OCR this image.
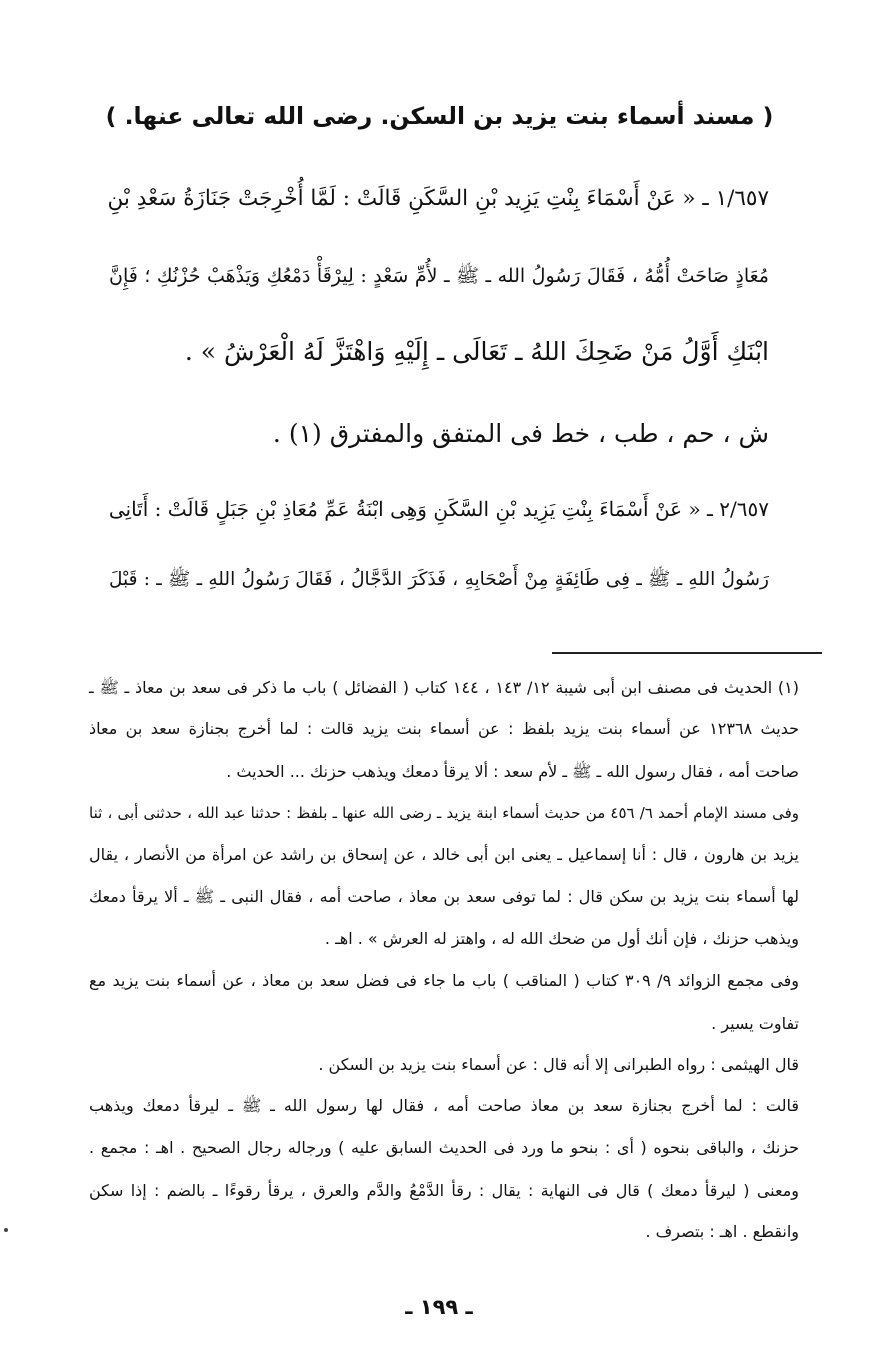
( مسند أسماء بنت يزيد بن السكن. رضى الله تعالى عنها. )
١/٦٥٧ ـ « عَنْ أَسْمَاءَ بِنْتِ يَزِيد بْنِ السَّكَنِ قَالَتْ : لَمَّا أُخْرِجَتْ جَنَازَةُ سَعْدِ بْنِ
مُعَاذٍ صَاحَتْ أُمُّهُ ، فَقَالَ رَسُولُ الله ـ ﷺ ـ لأُمِّ سَعْدٍ : لِيرْقَأْ دَمْعُكِ وَيَذْهَبْ حُزْنُكِ ؛ فَإِنَّ
ابْنَكِ أَوَّلُ مَنْ ضَحِكَ اللهُ ـ تَعَالَى ـ إِلَيْهِ وَاهْتَزَّ لَهُ الْعَرْشُ » .
ش ، حم ، طب ، خط فى المتفق والمفترق (١) .
٢/٦٥٧ ـ « عَنْ أَسْمَاءَ بِنْتِ يَزِيد بْنِ السَّكَنِ وَهِى ابْنَةُ عَمِّ مُعَاذِ بْنِ جَبَلٍ قَالَتْ : أَتَانِى
رَسُولُ اللهِ ـ ﷺ ـ فِى طَائِفَةٍ مِنْ أَصْحَابِهِ ، فَذَكَرَ الدَّجَّالُ ، فَقَالَ رَسُولُ اللهِ ـ ﷺ ـ : قَبْلَ
(١) الحديث فى مصنف ابن أبى شيبة ١٢/ ١٤٣ ، ١٤٤ كتاب ( الفضائل ) باب ما ذكر فى سعد بن معاذ ـ ﷺ ـ
حديث ١٢٣٦٨ عن أسماء بنت يزيد بلفظ : عن أسماء بنت يزيد قالت : لما أخرج بجنازة سعد بن معاذ
صاحت أمه ، فقال رسول الله ـ ﷺ ـ لأم سعد : ألا يرقأ دمعك ويذهب حزنك ... الحديث .
وفى مسند الإمام أحمد ٦/ ٤٥٦ من حديث أسماء ابنة يزيد ـ رضى الله عنها ـ بلفظ : حدثنا عبد الله ، حدثنى أبى ، ثنا
يزيد بن هارون ، قال : أنا إسماعيل ـ يعنى ابن أبى خالد ، عن إسحاق بن راشد عن امرأة من الأنصار ، يقال
لها أسماء بنت يزيد بن سكن قال : لما توفى سعد بن معاذ ، صاحت أمه ، فقال النبى ـ ﷺ ـ ألا يرقأ دمعك
ويذهب حزنك ، فإن أنك أول من ضحك الله له ، واهتز له العرش » . اهـ .
وفى مجمع الزوائد ٩/ ٣٠٩ كتاب ( المناقب ) باب ما جاء فى فضل سعد بن معاذ ، عن أسماء بنت يزيد مع
تفاوت يسير .
قال الهيثمى : رواه الطبرانى إلا أنه قال : عن أسماء بنت يزيد بن السكن .
قالت : لما أخرج بجنازة سعد بن معاذ صاحت أمه ، فقال لها رسول الله ـ ﷺ ـ ليرقأ دمعك ويذهب
حزنك ، والباقى بنحوه ( أى : بنحو ما ورد فى الحديث السابق عليه ) ورجاله رجال الصحيح . اهـ : مجمع .
ومعنى ( ليرقأ دمعك ) قال فى النهاية : يقال : رقأ الدَّمْعُ والدَّم والعرق ، يرقأ رقوءًا ـ بالضم : إذا سكن
وانقطع . اهـ : بتصرف .
ـ ١٩٩ ـ
